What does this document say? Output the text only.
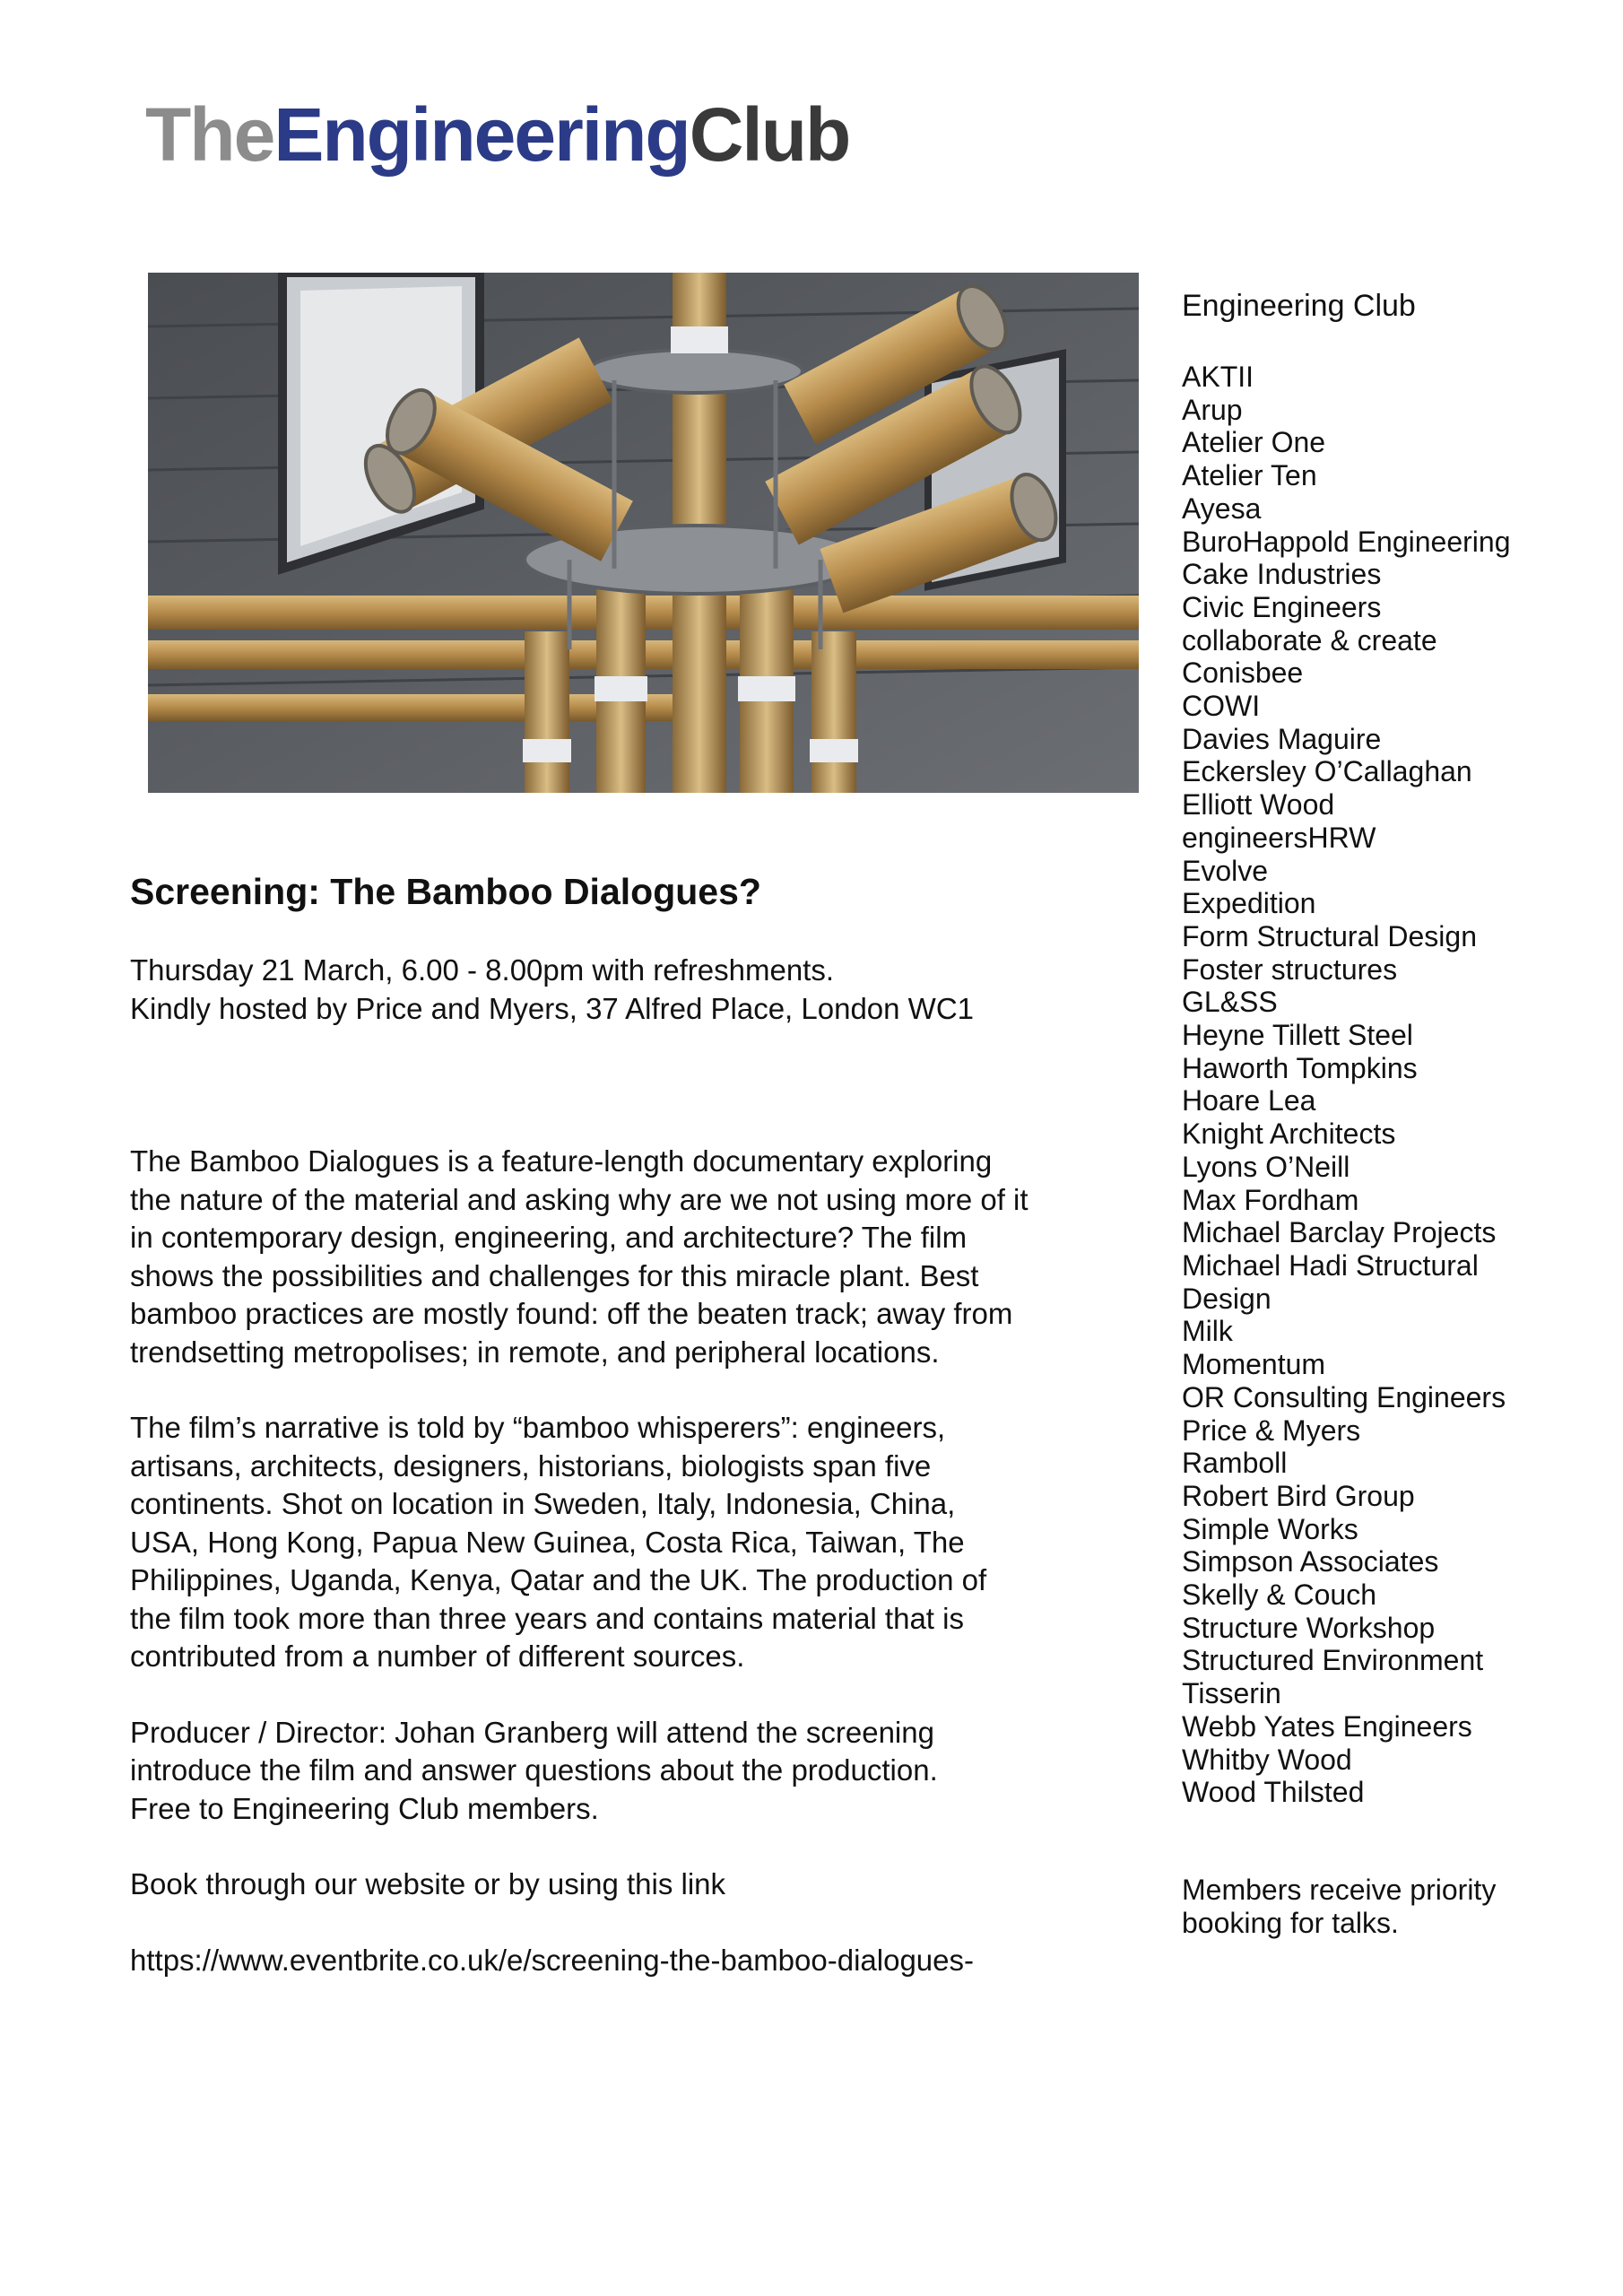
TheEngineeringClub
Screening: The Bamboo Dialogues?

Thursday 21 March, 6.00 - 8.00pm with refreshments.

Kindly hosted by Price and Myers, 37 Alfred Place, London WC1

The Bamboo Dialogues is a feature-length documentary exploring

the nature of the material and asking why are we not using more of it

in contemporary design, engineering, and architecture? The film

shows the possibilities and challenges for this miracle plant. Best

bamboo practices are mostly found: off the beaten track; away from

trendsetting metropolises; in remote, and peripheral locations.

The film’s narrative is told by “bamboo whisperers”: engineers,

artisans, architects, designers, historians, biologists span five

continents. Shot on location in Sweden, Italy, Indonesia, China,

USA, Hong Kong, Papua New Guinea, Costa Rica, Taiwan, The

Philippines, Uganda, Kenya, Qatar and the UK. The production of

the film took more than three years and contains material that is

contributed from a number of different sources.

Producer / Director: Johan Granberg will attend the screening

introduce the film and answer questions about the production.

Free to Engineering Club members.

Book through our website or by using this link

https://www.eventbrite.co.uk/e/screening-the-bamboo-dialogues-

Engineering Club
AKTII
Arup
Atelier One
Atelier Ten
Ayesa
BuroHappold Engineering
Cake Industries
Civic Engineers
collaborate & create
Conisbee
COWI
Davies Maguire
Eckersley O’Callaghan
Elliott Wood
engineersHRW
Evolve
Expedition
Form Structural Design
Foster structures
GL&SS
Heyne Tillett Steel
Haworth Tompkins
Hoare Lea
Knight Architects
Lyons O’Neill
Max Fordham
Michael Barclay Projects
Michael Hadi Structural
Design
Milk
Momentum
OR Consulting Engineers
Price & Myers
Ramboll
Robert Bird Group
Simple Works
Simpson Associates
Skelly & Couch
Structure Workshop
Structured Environment
Tisserin
Webb Yates Engineers
Whitby Wood
Wood Thilsted
Members receive priority
booking for talks.
